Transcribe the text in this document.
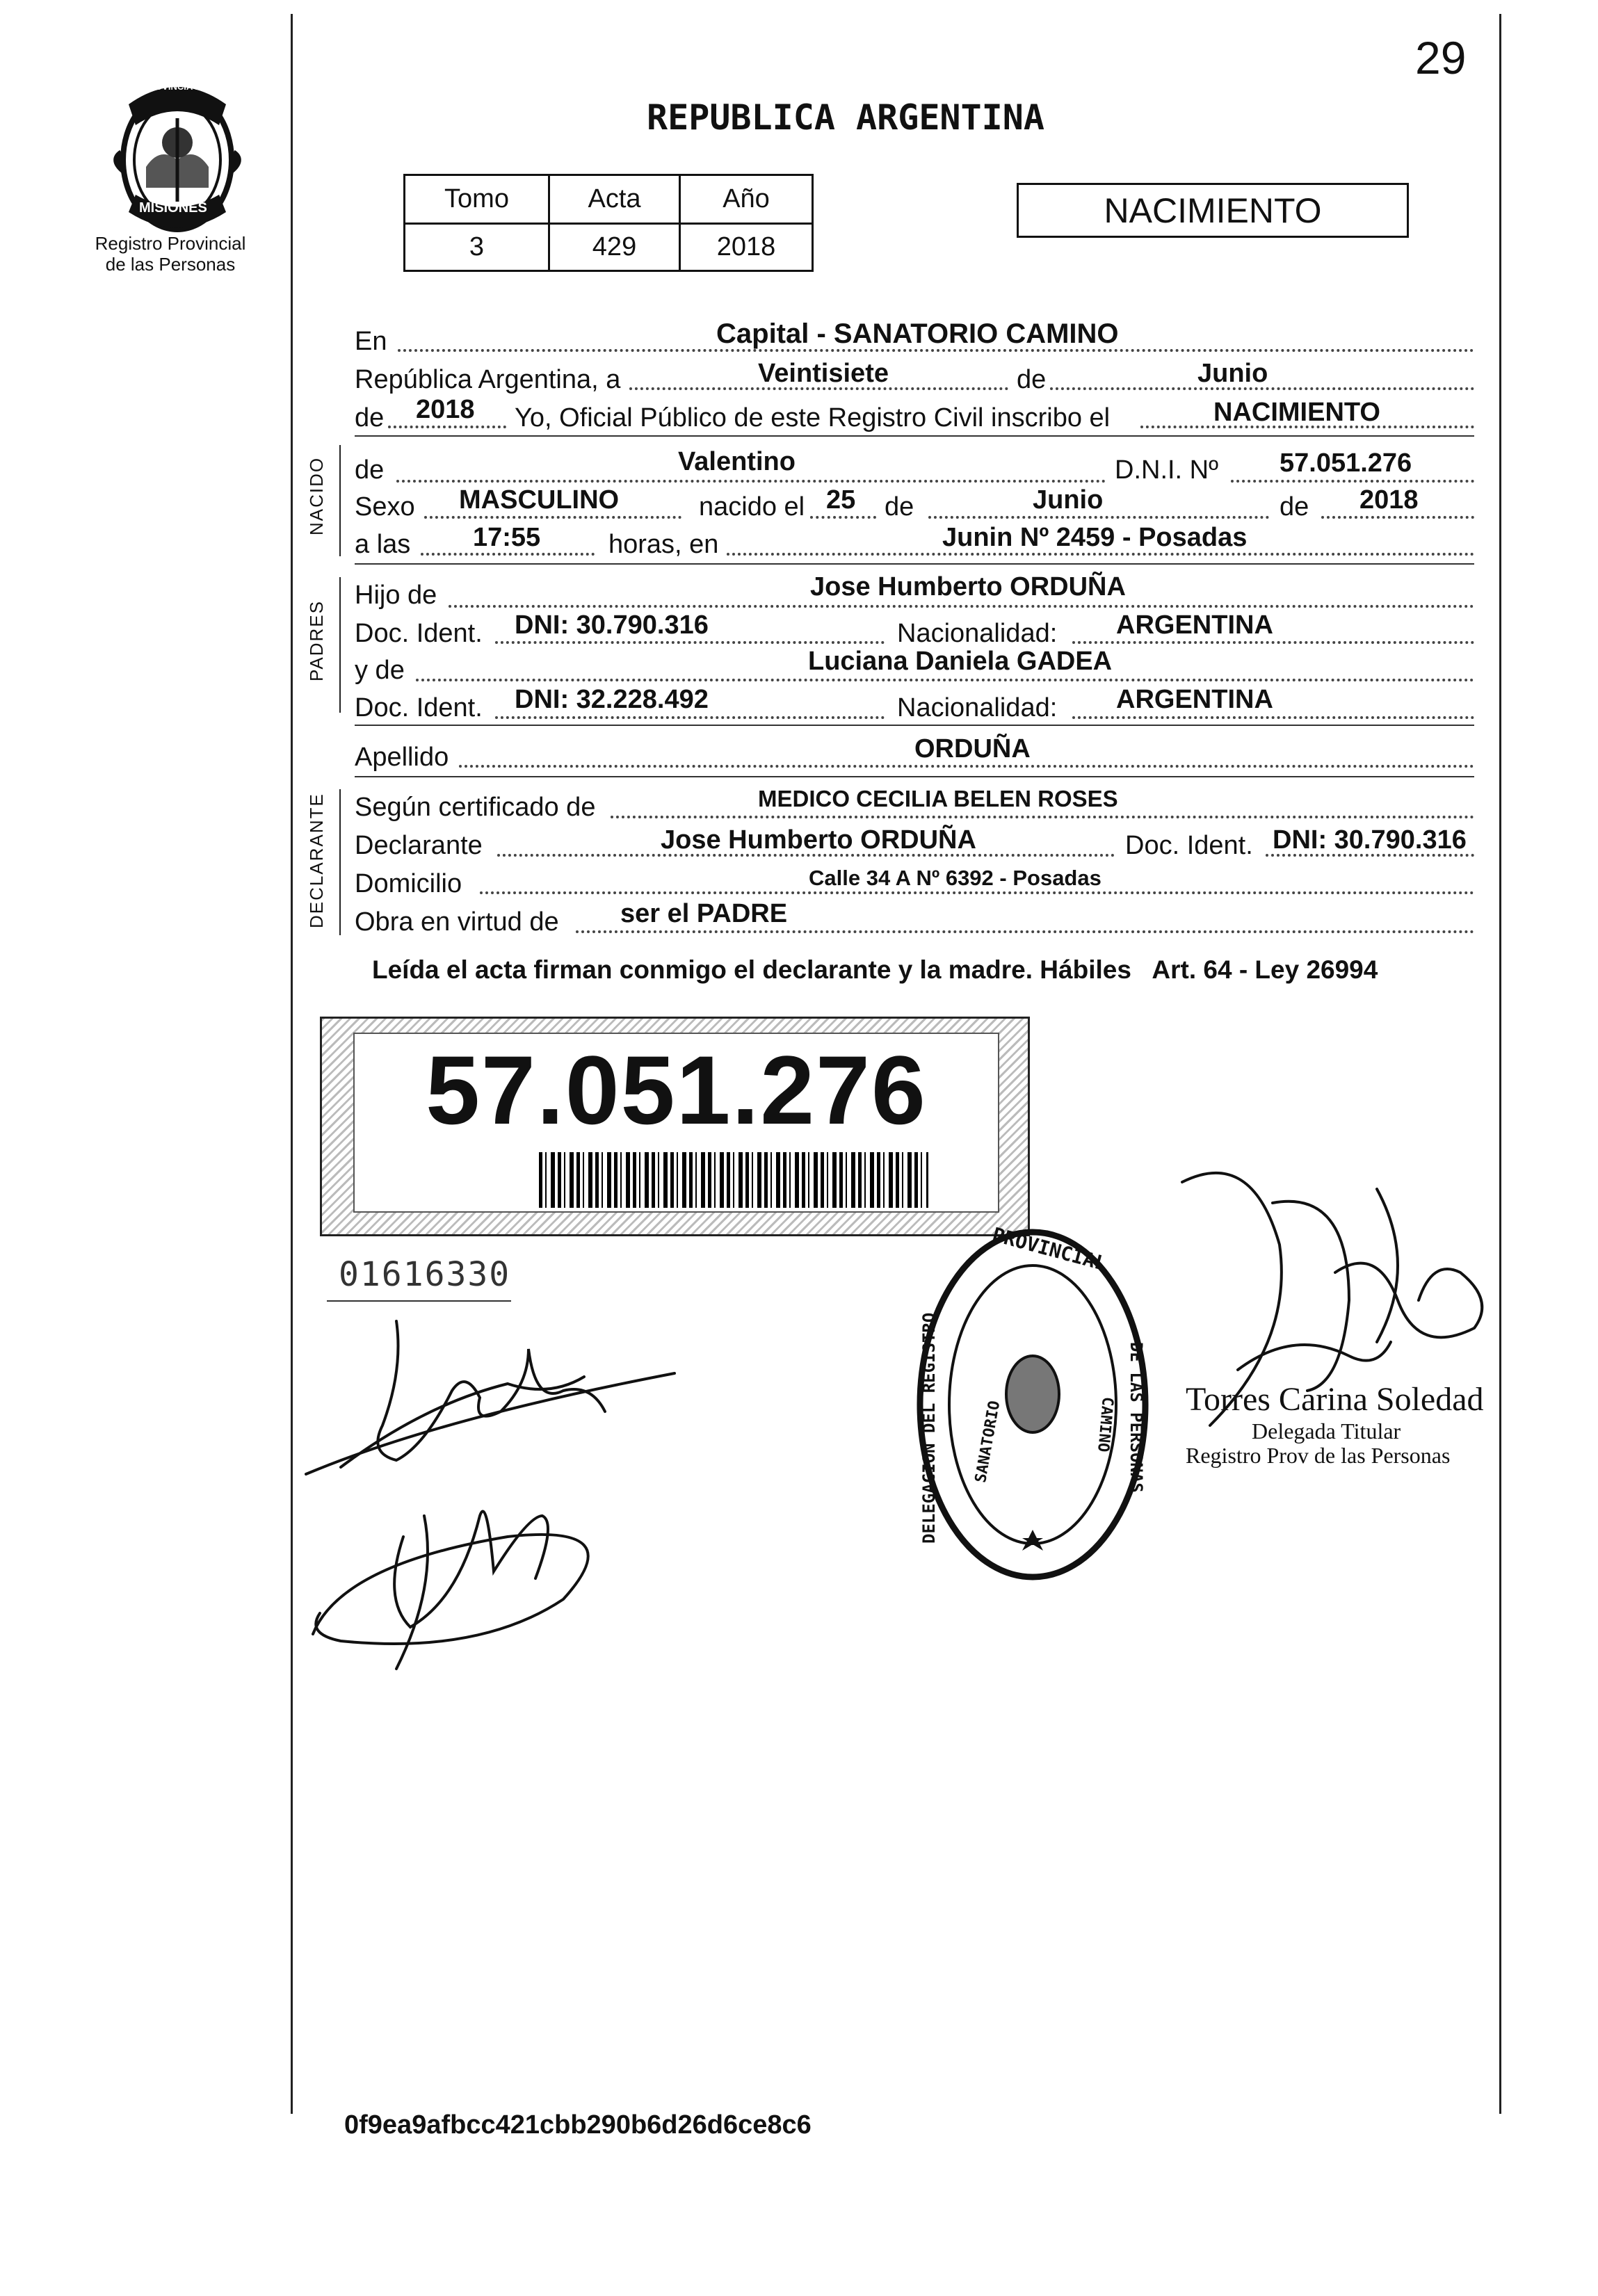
29
PROVINCIA DE
MISIONES
Registro Provincial
de las Personas
REPUBLICA ARGENTINA
Tomo	Acta	Año
3	429	2018
NACIMIENTO
En	Capital - SANATORIO CAMINO
República Argentina, a	Veintisiete	de	Junio
de 2018 Yo, Oficial Público de este Registro Civil inscribo el	NACIMIENTO
NACIDO de	Valentino	D.N.I. Nº 57.051.276
Sexo MASCULINO	nacido el 25 de	Junio	de 2018
a las 17:55	horas, en	Junin Nº 2459 - Posadas
PADRES
Hijo de	Jose Humberto ORDUÑA
Doc. Ident. DNI: 30.790.316	Nacionalidad: ARGENTINA
y de	Luciana Daniela GADEA
Doc. Ident. DNI: 32.228.492	Nacionalidad: ARGENTINA
Apellido	ORDUÑA
DECLARANTE Según certificado de	MEDICO CECILIA BELEN ROSES
Declarante	Jose Humberto ORDUÑA	Doc. Ident. DNI: 30.790.316
Domicilio	Calle 34 A Nº 6392 - Posadas
Obra en virtud de ser el PADRE
Leída el acta firman conmigo el declarante y la madre. Hábiles   Art. 64 - Ley 26994
57.051.276
01616330	PROVINCIAL
DELEGACION DEL REGISTRO	DE LAS PERSONAS
SANATORIO	CAMINO Torres Carina Soledad
Delegada Titular
Registro Prov de las Personas
0f9ea9afbcc421cbb290b6d26d6ce8c6
